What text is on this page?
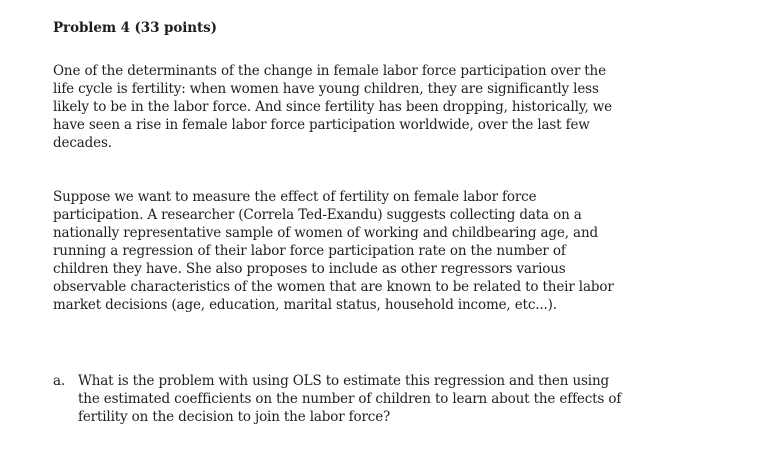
Problem 4 (33 points)

One of the determinants of the change in female labor force participation over the
life cycle is fertility: when women have young children, they are significantly less
likely to be in the labor force. And since fertility has been dropping, historically, we
have seen a rise in female labor force participation worldwide, over the last few
decades.

Suppose we want to measure the effect of fertility on female labor force
participation. A researcher (Correla Ted-Exandu) suggests collecting data on a
nationally representative sample of women of working and childbearing age, and
running a regression of their labor force participation rate on the number of
children they have. She also proposes to include as other regressors various
observable characteristics of the women that are known to be related to their labor
market decisions (age, education, marital status, household income, etc...).

a. What is the problem with using OLS to estimate this regression and then using
the estimated coefficients on the number of children to learn about the effects of
fertility on the decision to join the labor force?
